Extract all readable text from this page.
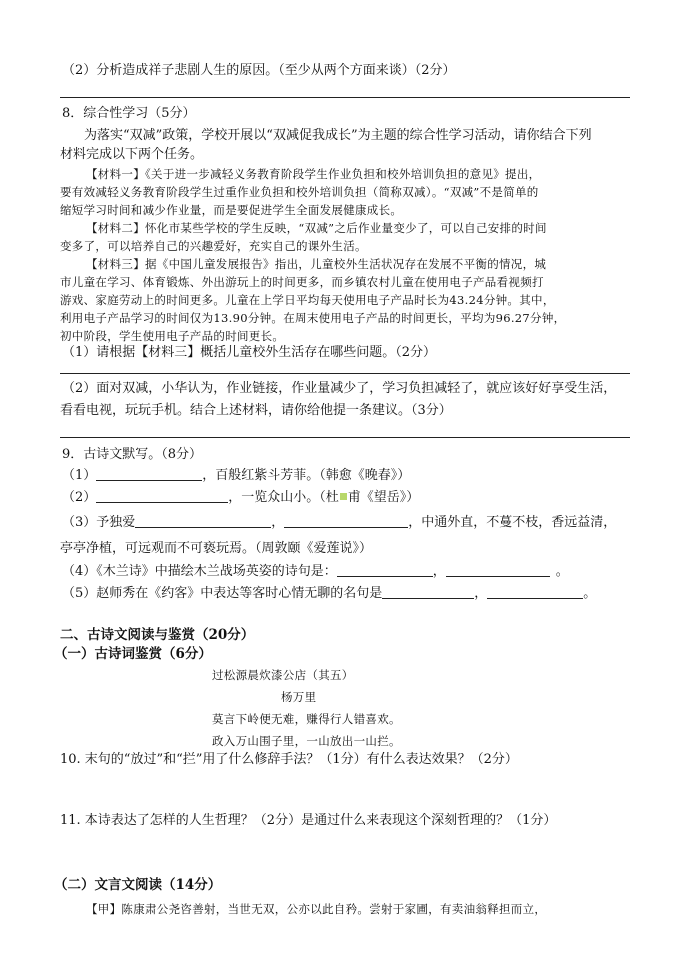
（2）分析造成祥子悲剧人生的原因。（至少从两个方面来谈）（2分）
8．综合性学习（5分）
为落实“双减”政策，学校开展以“双减促我成长”为主题的综合性学习活动，请你结合下列
材料完成以下两个任务。
【材料一】《关于进一步减轻义务教育阶段学生作业负担和校外培训负担的意见》提出，
要有效减轻义务教育阶段学生过重作业负担和校外培训负担（简称双减）。“双减”不是简单的
缩短学习时间和减少作业量，而是要促进学生全面发展健康成长。
【材料二】怀化市某些学校的学生反映，“双减”之后作业量变少了，可以自己安排的时间
变多了，可以培养自己的兴趣爱好，充实自己的课外生活。
【材料三】据《中国儿童发展报告》指出，儿童校外生活状况存在发展不平衡的情况，城
市儿童在学习、体育锻炼、外出游玩上的时间更多，而乡镇农村儿童在使用电子产品看视频打
游戏、家庭劳动上的时间更多。儿童在上学日平均每天使用电子产品时长为43.24分钟。其中，
利用电子产品学习的时间仅为13.90分钟。在周末使用电子产品的时间更长，平均为96.27分钟，
初中阶段，学生使用电子产品的时间更长。
（1）请根据【材料三】概括儿童校外生活存在哪些问题。（2分）
（2）面对双减，小华认为，作业链接，作业量减少了，学习负担减轻了，就应该好好享受生活，
看看电视，玩玩手机。结合上述材料，请你给他提一条建议。（3分）
9．古诗文默写。（8分）
（1）	，百般红紫斗芳菲。（韩愈《晚春》）
（2）	，一览众山小。（杜 甫《望岳》）
（3）予独爱	，	，中通外直，不蔓不枝，香远益清，
亭亭净植，可远观而不可亵玩焉。（周敦颐《爱莲说》）
（4）《木兰诗》中描绘木兰战场英姿的诗句是：	，	。
（5）赵师秀在《约客》中表达等客时心情无聊的名句是	，	。
二、古诗文阅读与鉴赏（20分）
（一）古诗词鉴赏（6分）
过松源晨炊漆公店（其五）
杨万里
莫言下岭便无难，赚得行人错喜欢。
政入万山围子里，一山放出一山拦。
10. 末句的“放过”和“拦”用了什么修辞手法？（1分）有什么表达效果？（2分）
11. 本诗表达了怎样的人生哲理？（2分）是通过什么来表现这个深刻哲理的？（1分）
（二）文言文阅读（14分）
【甲】陈康肃公尧咨善射，当世无双，公亦以此自矜。尝射于家圃，有卖油翁释担而立，
